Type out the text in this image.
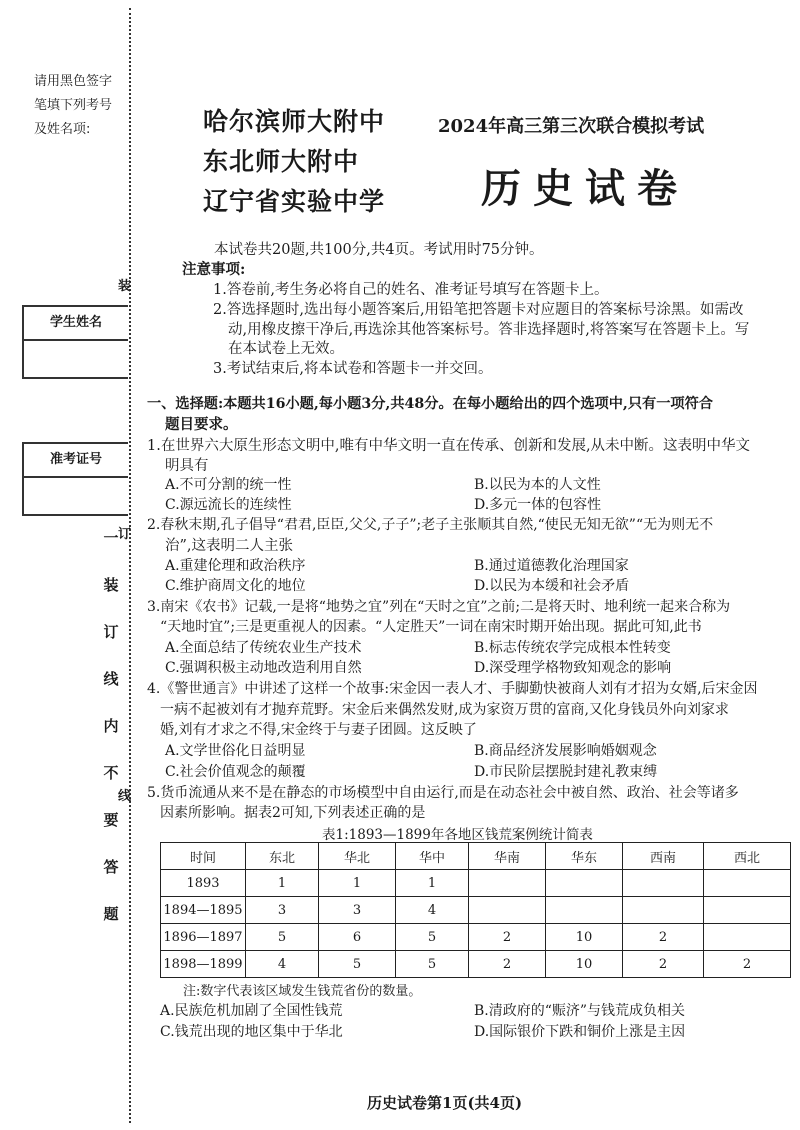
请用黑色签字
笔填下列考号
及姓名项:
学生姓名
准考证号
装
订
线
一
装
订
线
内
不
要
答
题
哈尔滨师大附中
东北师大附中
辽宁省实验中学
2024年高三第三次联合模拟考试
历史试卷
本试卷共20题,共100分,共4页。考试用时75分钟。
注意事项:
1.答卷前,考生务必将自己的姓名、准考证号填写在答题卡上。
2.答选择题时,选出每小题答案后,用铅笔把答题卡对应题目的答案标号涂黑。如需改
动,用橡皮擦干净后,再选涂其他答案标号。答非选择题时,将答案写在答题卡上。写
在本试卷上无效。
3.考试结束后,将本试卷和答题卡一并交回。
一、选择题:本题共16小题,每小题3分,共48分。在每小题给出的四个选项中,只有一项符合
题目要求。
1.在世界六大原生形态文明中,唯有中华文明一直在传承、创新和发展,从未中断。这表明中华文
明具有
A.不可分割的统一性	B.以民为本的人文性
C.源远流长的连续性	D.多元一体的包容性
2.春秋末期,孔子倡导“君君,臣臣,父父,子子”;老子主张顺其自然,“使民无知无欲”“无为则无不
治”,这表明二人主张
A.重建伦理和政治秩序	B.通过道德教化治理国家
C.维护商周文化的地位	D.以民为本缓和社会矛盾
3.南宋《农书》记载,一是将“地势之宜”列在“天时之宜”之前;二是将天时、地利统一起来合称为
“天地时宜”;三是更重视人的因素。“人定胜天”一词在南宋时期开始出现。据此可知,此书
A.全面总结了传统农业生产技术	B.标志传统农学完成根本性转变
C.强调积极主动地改造利用自然	D.深受理学格物致知观念的影响
4.《警世通言》中讲述了这样一个故事:宋金因一表人才、手脚勤快被商人刘有才招为女婿,后宋金因
一病不起被刘有才抛弃荒野。宋金后来偶然发财,成为家资万贯的富商,又化身钱员外向刘家求
婚,刘有才求之不得,宋金终于与妻子团圆。这反映了
A.文学世俗化日益明显	B.商品经济发展影响婚姻观念
C.社会价值观念的颠覆	D.市民阶层摆脱封建礼教束缚
5.货币流通从来不是在静态的市场模型中自由运行,而是在动态社会中被自然、政治、社会等诸多
因素所影响。据表2可知,下列表述正确的是
表1:1893—1899年各地区钱荒案例统计简表
时间	东北	华北	华中	华南	华东	西南	西北
1893	1	1	1				
1894—1895	3	3	4				
1896—1897	5	6	5	2	10	2	
1898—1899	4	5	5	2	10	2	2
注:数字代表该区域发生钱荒省份的数量。
A.民族危机加剧了全国性钱荒	B.清政府的“赈济”与钱荒成负相关
C.钱荒出现的地区集中于华北	D.国际银价下跌和铜价上涨是主因
历史试卷第1页(共4页)
